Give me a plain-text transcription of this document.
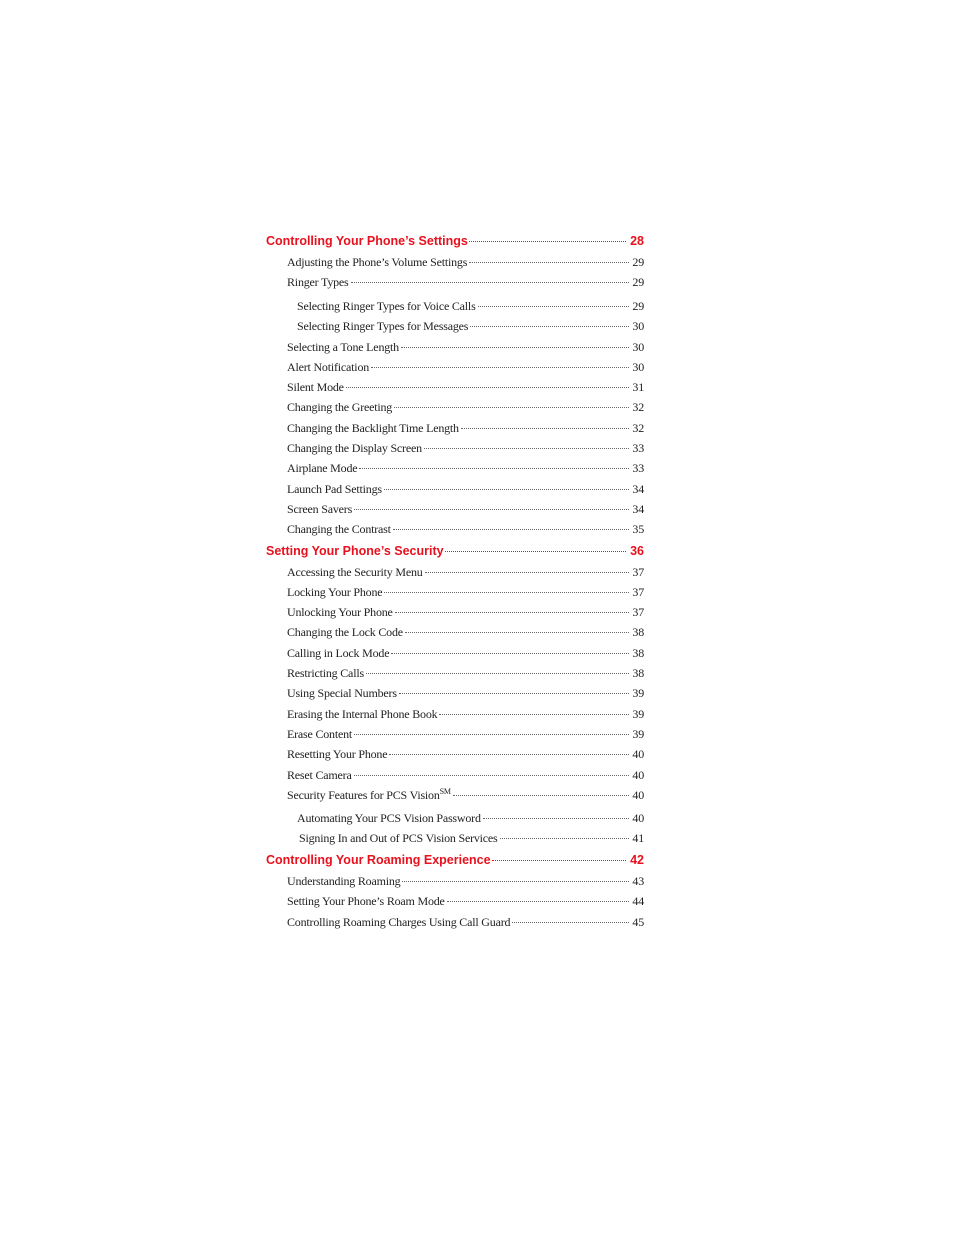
Controlling Your Phone’s Settings	28
Adjusting the Phone’s Volume Settings	29
Ringer Types	29
Selecting Ringer Types for Voice Calls	29
Selecting Ringer Types for Messages	30
Selecting a Tone Length	30
Alert Notification	30
Silent Mode	31
Changing the Greeting	32
Changing the Backlight Time Length	32
Changing the Display Screen	33
Airplane Mode	33
Launch Pad Settings	34
Screen Savers	34
Changing the Contrast	35
Setting Your Phone’s Security	36
Accessing the Security Menu	37
Locking Your Phone	37
Unlocking Your Phone	37
Changing the Lock Code	38
Calling in Lock Mode	38
Restricting Calls	38
Using Special Numbers	39
Erasing the Internal Phone Book	39
Erase Content	39
Resetting Your Phone	40
Reset Camera	40
Security Features for PCS Vision℠	40
Automating Your PCS Vision Password	40
Signing In and Out of PCS Vision Services	41
Controlling Your Roaming Experience	42
Understanding Roaming	43
Setting Your Phone’s Roam Mode	44
Controlling Roaming Charges Using Call Guard	45
